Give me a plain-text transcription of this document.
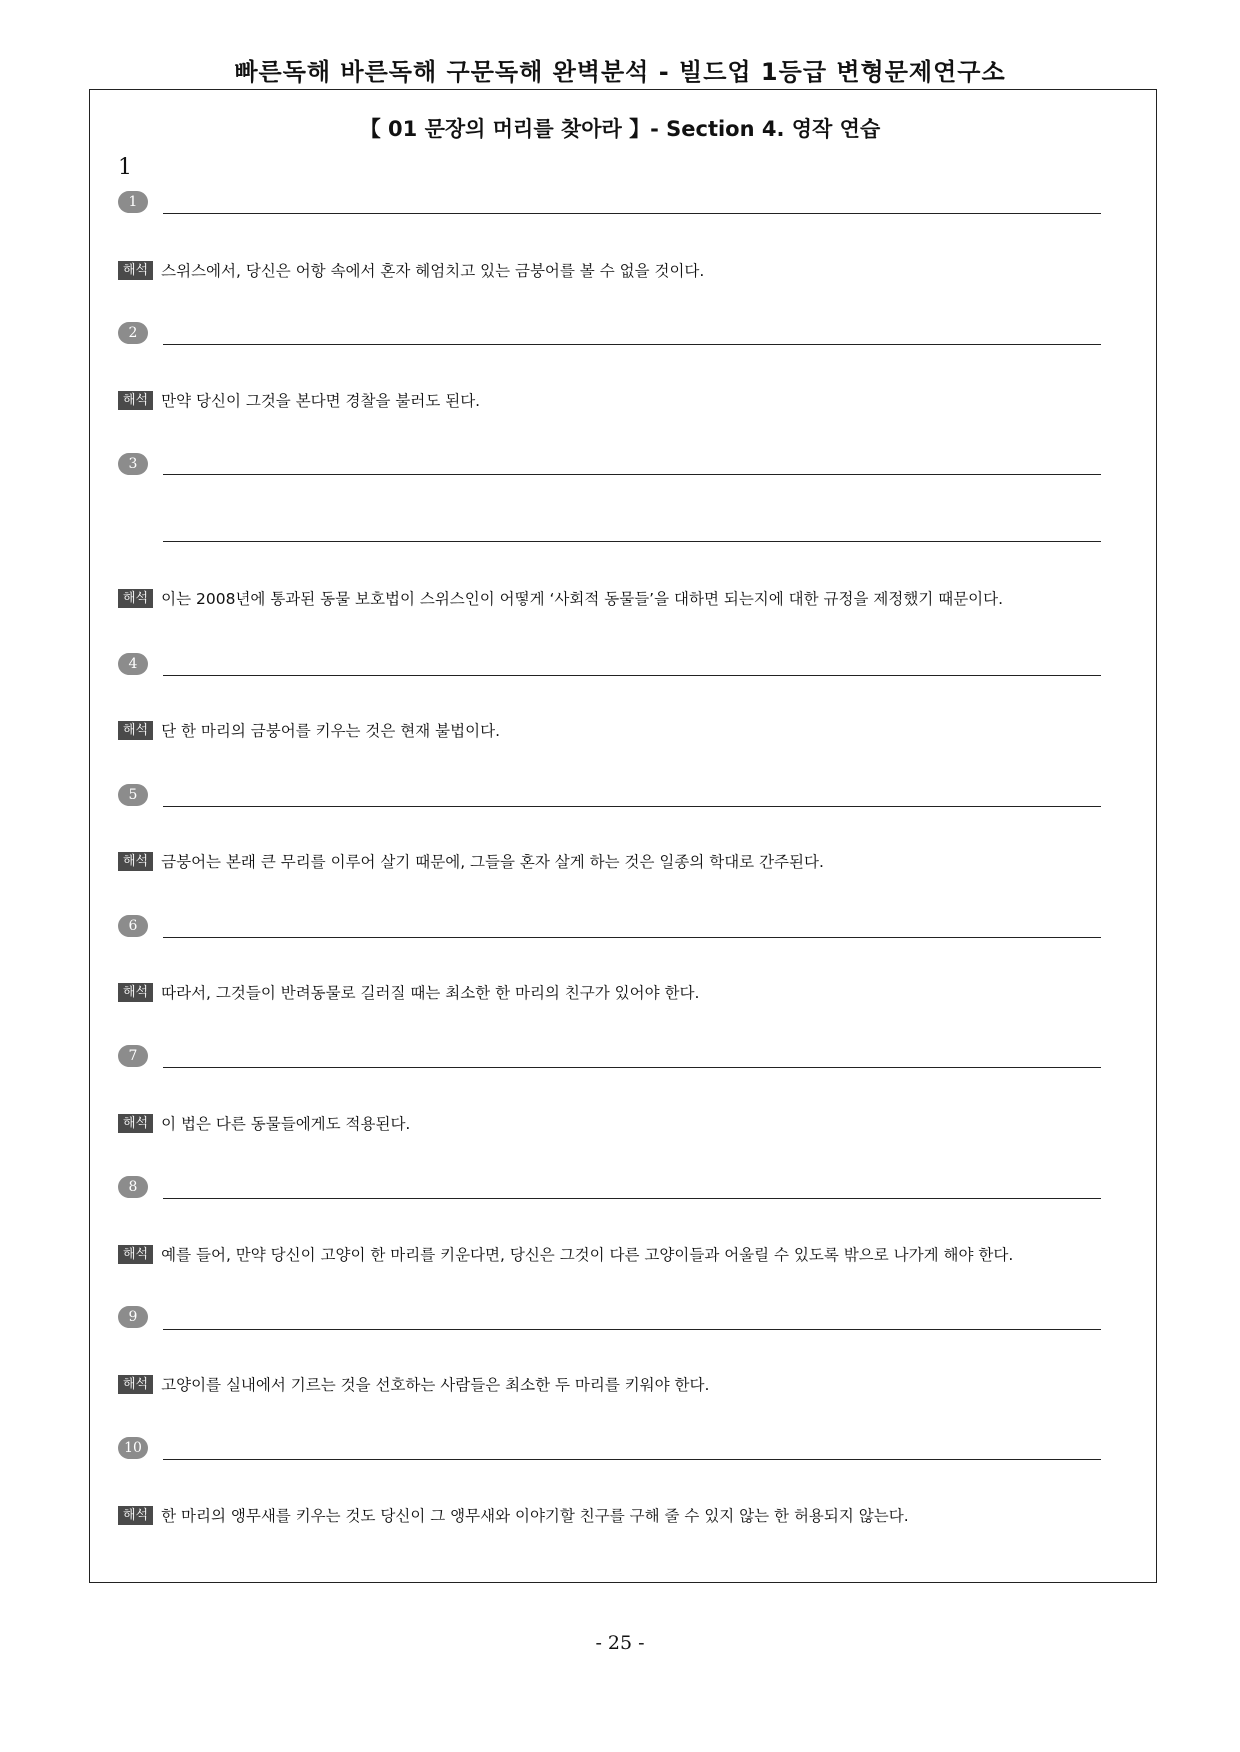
빠른독해 바른독해 구문독해 완벽분석 - 빌드업 1등급 변형문제연구소
【 01 문장의 머리를 찾아라 】- Section 4. 영작 연습
1
1
해석 스위스에서, 당신은 어항 속에서 혼자 헤엄치고 있는 금붕어를 볼 수 없을 것이다.
2
해석 만약 당신이 그것을 본다면 경찰을 불러도 된다.
3
해석 이는 2008년에 통과된 동물 보호법이 스위스인이 어떻게 ‘사회적 동물들’을 대하면 되는지에 대한 규정을 제정했기 때문이다.
4
해석 단 한 마리의 금붕어를 키우는 것은 현재 불법이다.
5
해석 금붕어는 본래 큰 무리를 이루어 살기 때문에, 그들을 혼자 살게 하는 것은 일종의 학대로 간주된다.
6
해석 따라서, 그것들이 반려동물로 길러질 때는 최소한 한 마리의 친구가 있어야 한다.
7
해석 이 법은 다른 동물들에게도 적용된다.
8
해석 예를 들어, 만약 당신이 고양이 한 마리를 키운다면, 당신은 그것이 다른 고양이들과 어울릴 수 있도록 밖으로 나가게 해야 한다.
9
해석 고양이를 실내에서 기르는 것을 선호하는 사람들은 최소한 두 마리를 키워야 한다.
10
해석 한 마리의 앵무새를 키우는 것도 당신이 그 앵무새와 이야기할 친구를 구해 줄 수 있지 않는 한 허용되지 않는다.
- 25 -
